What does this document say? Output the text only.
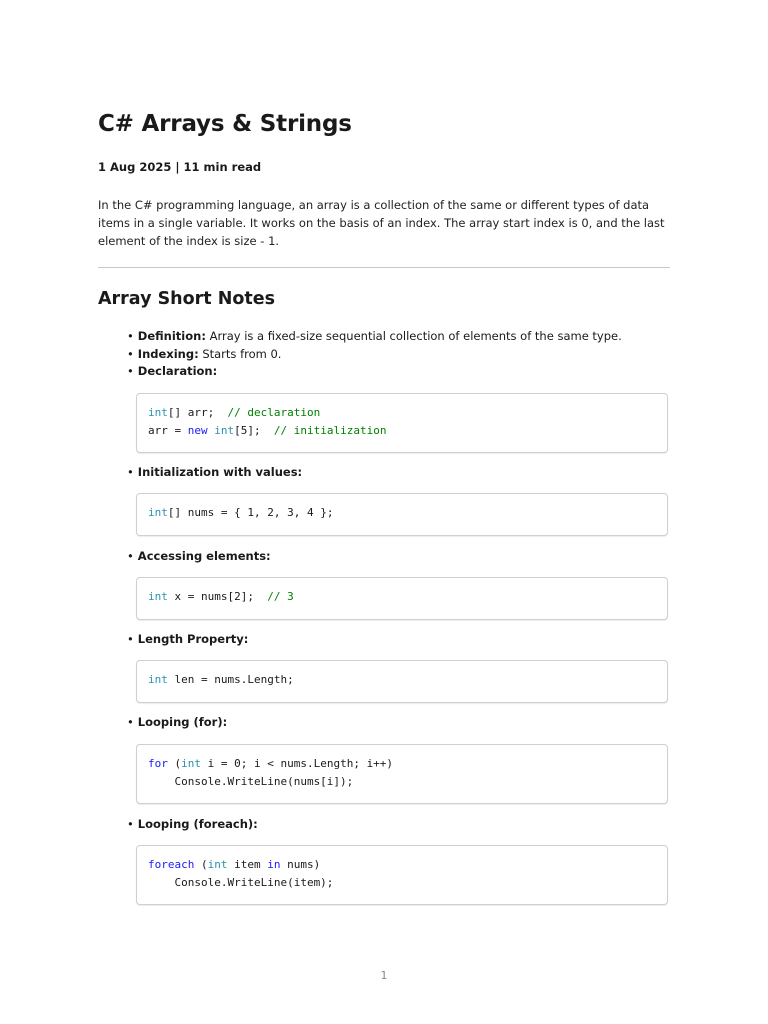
C# Arrays & Strings

1 Aug 2025 | 11 min read

In the C# programming language, an array is a collection of the same or different types of data items in a single variable. It works on the basis of an index. The array start index is 0, and the last element of the index is size - 1.

Array Short Notes

• Definition: Array is a fixed-size sequential collection of elements of the same type.

• Indexing: Starts from 0.

• Declaration:

int[] arr;  // declaration
arr = new int[5];  // initialization

• Initialization with values:

int[] nums = { 1, 2, 3, 4 };

• Accessing elements:

int x = nums[2];  // 3

• Length Property:

int len = nums.Length;

• Looping (for):

for (int i = 0; i < nums.Length; i++)
Console.WriteLine(nums[i]);

• Looping (foreach):

foreach (int item in nums)
Console.WriteLine(item);
1
